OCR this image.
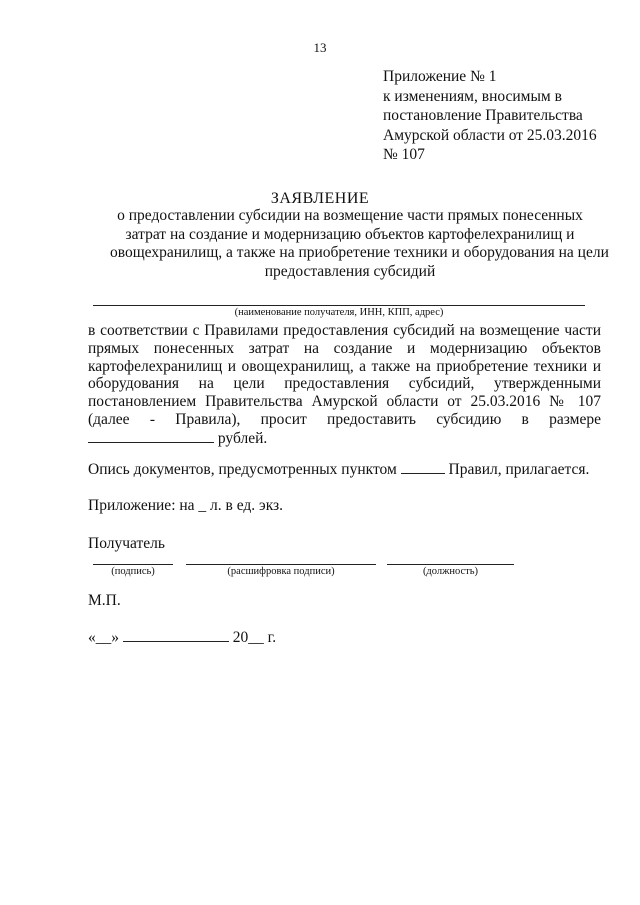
13
Приложение № 1
к изменениям, вносимым в
постановление Правительства
Амурской области от 25.03.2016
№ 107
ЗАЯВЛЕНИЕ
о предоставлении субсидии на возмещение части прямых понесенных
затрат на создание и модернизацию объектов картофелехранилищ и
овощехранилищ, а также на приобретение техники и оборудования на цели
предоставления субсидий
(наименование получателя, ИНН, КПП, адрес)
в соответствии с Правилами предоставления субсидий на возмещение части
прямых понесенных затрат на создание и модернизацию объектов
картофелехранилищ и овощехранилищ, а также на приобретение техники и
оборудования на цели предоставления субсидий, утвержденными
постановлением Правительства Амурской области от 25.03.2016 № 107
(далее - Правила), просит предоставить субсидию в размере
рублей.
Опись документов, предусмотренных пунктом	Правил, прилагается.
Приложение: на _ л. в ед. экз.
Получатель
(подпись)	(расшифровка подписи)	(должность)
М.П.
«__»	20__ г.
